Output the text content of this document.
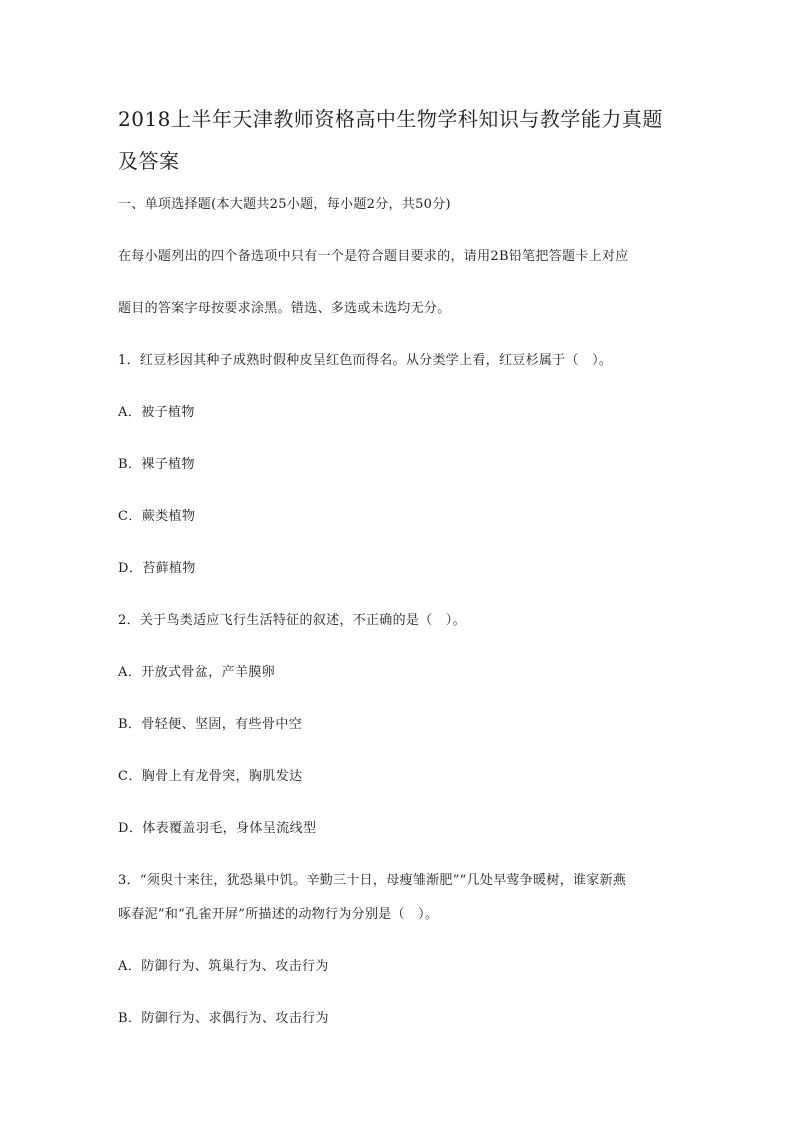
2018上半年天津教师资格高中生物学科知识与教学能力真题及答案
一、单项选择题(本大题共25小题，每小题2分，共50分)
在每小题列出的四个备选项中只有一个是符合题目要求的，请用2B铅笔把答题卡上对应
题目的答案字母按要求涂黑。错选、多选或未选均无分。
1．红豆杉因其种子成熟时假种皮呈红色而得名。从分类学上看，红豆杉属于（　）。
A．被子植物
B．裸子植物
C．蕨类植物
D．苔藓植物
2．关于鸟类适应飞行生活特征的叙述，不正确的是（　）。
A．开放式骨盆，产羊膜卵
B．骨轻便、坚固，有些骨中空
C．胸骨上有龙骨突，胸肌发达
D．体表覆盖羽毛，身体呈流线型
3．“须臾十来往，犹恐巢中饥。辛勤三十日，母瘦雏渐肥”“几处早莺争暖树，谁家新燕
啄春泥”和“孔雀开屏”所描述的动物行为分别是（　）。
A．防御行为、筑巢行为、攻击行为
B．防御行为、求偶行为、攻击行为
